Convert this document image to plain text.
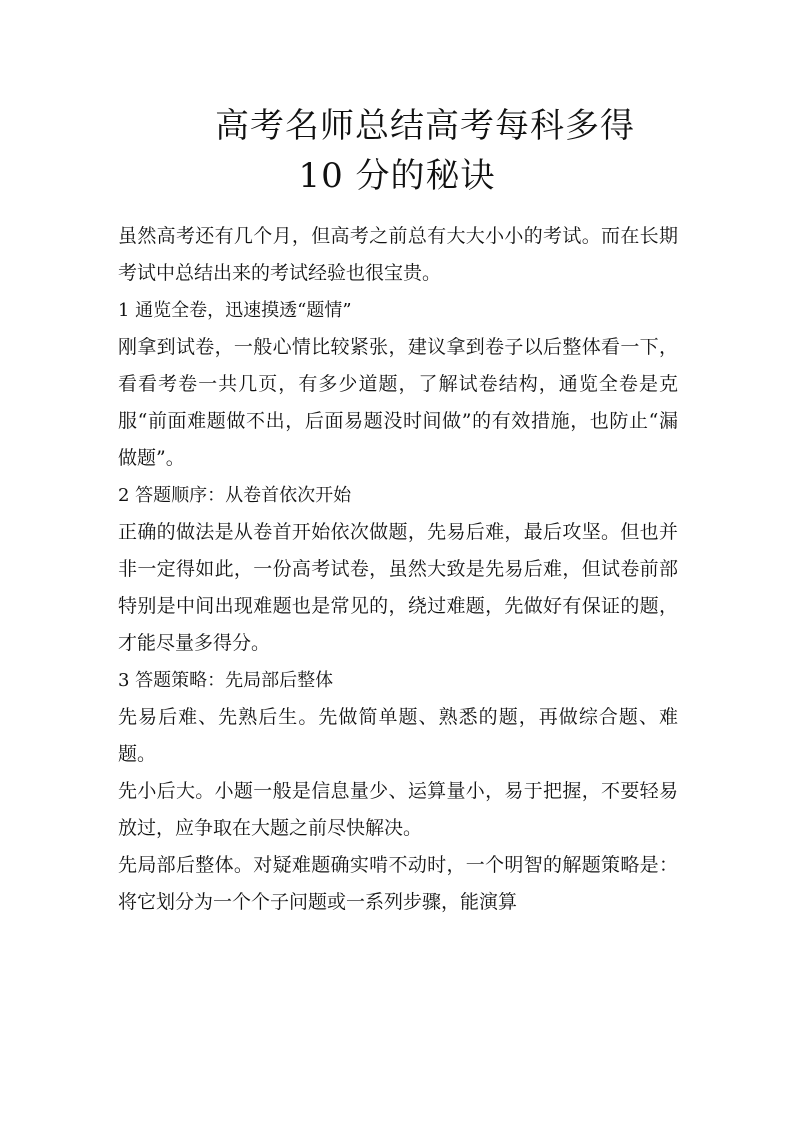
高考名师总结高考每科多得
10 分的秘诀

虽然高考还有几个月，但高考之前总有大大小小的考试。而在长期考试中总结出来的考试经验也很宝贵。

1 通览全卷，迅速摸透“题情”

刚拿到试卷，一般心情比较紧张，建议拿到卷子以后整体看一下，看看考卷一共几页，有多少道题，了解试卷结构，通览全卷是克服“前面难题做不出，后面易题没时间做”的有效措施，也防止“漏做题”。

2 答题顺序：从卷首依次开始

正确的做法是从卷首开始依次做题，先易后难，最后攻坚。但也并非一定得如此，一份高考试卷，虽然大致是先易后难，但试卷前部特别是中间出现难题也是常见的，绕过难题，先做好有保证的题，才能尽量多得分。

3 答题策略：先局部后整体

先易后难、先熟后生。先做简单题、熟悉的题，再做综合题、难题。

先小后大。小题一般是信息量少、运算量小，易于把握，不要轻易放过，应争取在大题之前尽快解决。

先局部后整体。对疑难题确实啃不动时，一个明智的解题策略是：将它划分为一个个子问题或一系列步骤，能演算
